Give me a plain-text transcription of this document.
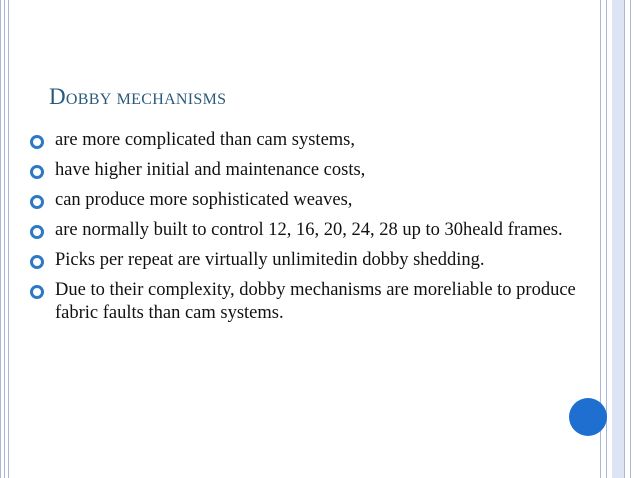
DOBBY MECHANISMS
are more complicated than cam systems,
have higher initial and maintenance costs,
can produce more sophisticated weaves,
are normally built to control 12, 16, 20, 24, 28 up to 30heald frames.
Picks per repeat are virtually unlimitedin dobby shedding.
Due to their complexity, dobby mechanisms are moreliable to produce fabric faults than cam systems.
